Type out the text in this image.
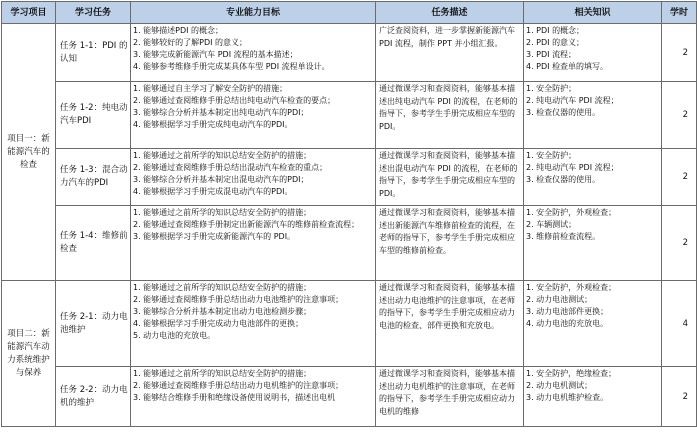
学习项目	学习任务	专业能力目标	任务描述	相关知识	学时
项目一：新能源汽车的检查	任务 1-1：PDI 的认知	1. 能够描述PDI 的概念；
2. 能够较好的了解PDI 的意义；
3. 能够完成新能源汽车 PDI 流程的基本描述；
4. 能够参考维修手册完成某具体车型 PDI 流程单设计。	广泛查阅资料，进一步掌握新能源汽车 PDI 流程，制作 PPT 并小组汇报。	1. PDI 的概念；
2. PDI 的意义；
3. PDI 流程；
4. PDI 检查单的填写。	2
	任务 1-2：纯电动汽车PDI	1. 能够通过自主学习了解安全防护的措施；
2. 能够通过查阅维修手册总结出纯电动汽车检查的要点；
3. 能够综合分析并基本制定出纯电动汽车的PDI；
4. 能够根据学习手册完成纯电动汽车的PDI。	通过微课学习和查阅资料，能够基本描述出纯电动汽车 PDI 的流程，在老师的指导下，参考学生手册完成相应车型的PDI。	1. 安全防护；
2. 纯电动汽车 PDI 流程；
3. 检查仪器的使用。	2
	任务 1-3：混合动力汽车的PDI	1. 能够通过之前所学的知识总结安全防护的措施；
2. 能够通过查阅维修手册总结出混动汽车检查的重点；
3. 能够综合分析并基本制定出混电动汽车的PDI；
4. 能够根据学习手册完成混电动汽车的PDI。	通过微课学习和查阅资料，能够基本描述出混电动汽车 PDI 的流程，在老师的指导下，参考学生手册完成相应车型的PDI。	1. 安全防护；
2. 纯电动汽车 PDI 流程；
3. 检查仪器的使用。	2
	任务 1-4：维修前检查	1. 能够通过之前所学的知识总结安全防护的措施；
2. 能够通过查阅维修手册制定出新能源汽车的维修前检查流程；
3. 能够根据学习手册完成新能源汽车的 PDI。	通过微课学习和查阅资料，能够基本描述出新能源汽车维修前检查的流程，在老师的指导下，参考学生手册完成相应车型的维修前检查。	1. 安全防护，外观检查；
2. 车辆测试；
3. 维修前检查流程。	2
项目二：新能源汽车动力系统维护与保养	任务 2-1：动力电池维护	1. 能够通过之前所学的知识总结安全防护的措施；
2. 能够通过查阅维修手册总结出动力电池维护的注意事项；
3. 能够综合分析并基本制定出动力电池检测步骤；
4. 能够根据学习手册完成动力电池部件的更换；
5. 动力电池的充放电。	通过微课学习和查阅资料，能够基本描述出动力电池维护的注意事项，在老师的指导下，参考学生手册完成相应动力电池的检查、部件更换和充放电。	1. 安全防护，外观检查；
2. 动力电池测试；
3. 动力电池部件更换；
4. 动力电池的充放电。	4
	任务 2-2：动力电机的维护	1. 能够通过之前所学的知识总结安全防护的措施；
2. 能够通过查阅维修手册总结出动力电机维护的注意事项；
3. 能够结合维修手册和绝缘设备使用说明书，描述出电机	通过微课学习和查阅资料，能够基本描述出动力电机维护的注意事项，在老师的指导下，参考学生手册完成相应动力电机的维修	1. 安全防护，绝缘检查；
2. 动力电机测试；
3. 动力电机维护检查。	2
